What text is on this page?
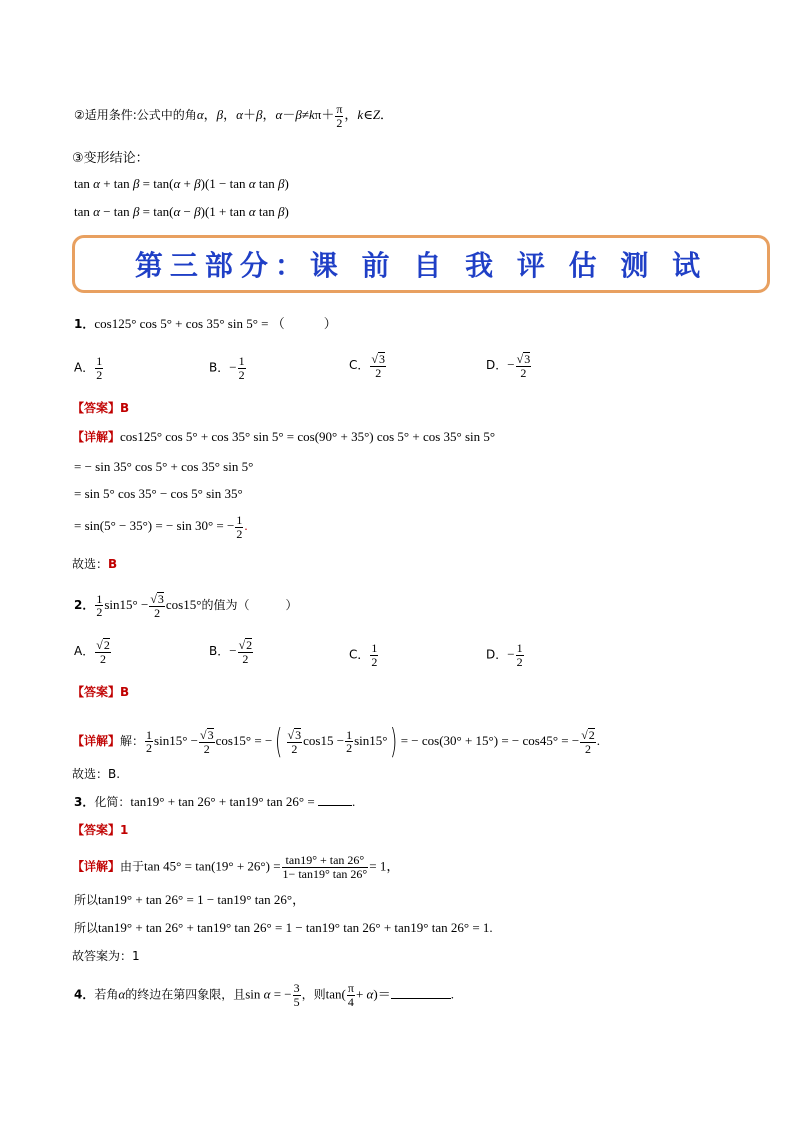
②适用条件:公式中的角α，β，α＋β，$\alpha-\beta\ne k\pi+ \frac{\pi}{2}$ ，k∈Z．
③变形结论：
tan α + tan β = tan(α + β)(1 − tan α tan β)
tan α − tan β = tan(α − β)(1 + tan α tan β)
第三部分：课 前 自 我 评 估 测 试
1．cos125° cos 5° + cos 35° sin 5° = （　　　）
A． $\frac{1}{2}$	B．− $\frac{1}{2}$	C． $\frac{√3}{2}$	D．− $\frac{√3}{2}$
【答案】B
【详解】cos125° cos 5° + cos 35° sin 5° = cos(90° + 35°) cos 5° + cos 35° sin 5°
= − sin 35° cos 5° + cos 35° sin 5°
= sin 5° cos 35° − cos 5° sin 35°
= sin(5° − 35°) = − sin 30° = − $\frac{1}{2}$ .
故选：B
2． $\frac{1}{2} \sin 15^\circ - \frac{√3}{2} \cos 15^\circ$的值为（　　　）
A． $\frac{√2}{2}$	B．− $\frac{√2}{2}$	C． $\frac{1}{2}$	D．− $\frac{1}{2}$
【答案】B
【详解】解： $\frac{1}{2} \sin 15^\circ - \frac{√3}{2} \cos 15^\circ$ = −( $\frac{√3}{2} \cos 15 - \frac{1}{2} \sin 15^\circ$) = − cos(30° + 15°) = − cos45° = − $\frac{√2}{2}$ .
故选：B.
3．化简：tan19° + tan 26° + tan19° tan 26° =	.
【答案】1
【详解】由于$\tan 45^\circ = \tan(19^\circ + 26^\circ) = \frac{\tan 19^\circ + \tan 26^\circ}{1- \tan 19^\circ \tan 26^\circ} = 1$，
所以tan19° + tan 26° = 1 − tan19° tan 26°，
所以tan19° + tan 26° + tan19° tan 26° = 1 − tan19° tan 26° + tan19° tan 26° = 1.
故答案为：1
4．若角α的终边在第四象限，且sin α = − $\frac{3}{5}$ ，则$\tan( \frac{\pi}{4} + \alpha)=$	.
